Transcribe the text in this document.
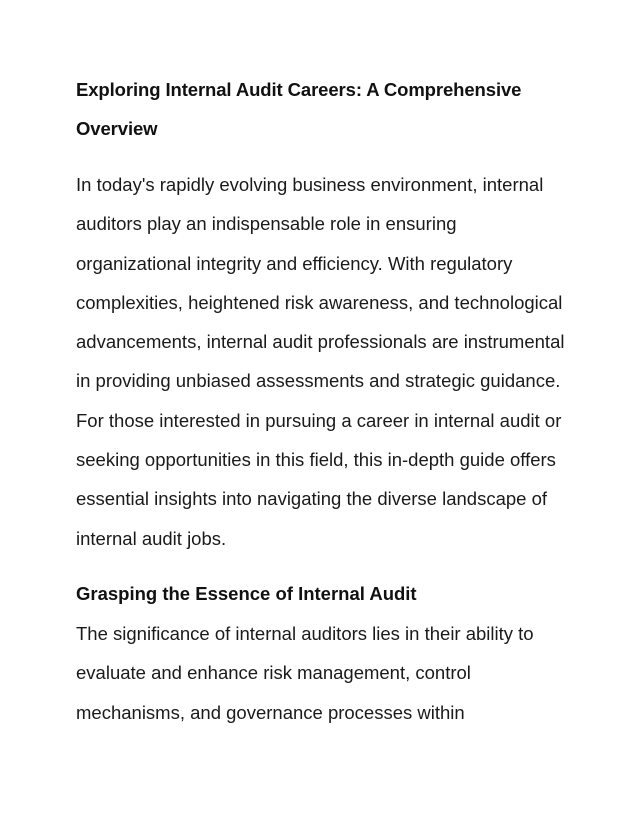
Exploring Internal Audit Careers: A Comprehensive Overview

In today's rapidly evolving business environment, internal auditors play an indispensable role in ensuring organizational integrity and efficiency. With regulatory complexities, heightened risk awareness, and technological advancements, internal audit professionals are instrumental in providing unbiased assessments and strategic guidance. For those interested in pursuing a career in internal audit or seeking opportunities in this field, this in-depth guide offers essential insights into navigating the diverse landscape of internal audit jobs.

Grasping the Essence of Internal Audit

The significance of internal auditors lies in their ability to evaluate and enhance risk management, control mechanisms, and governance processes within
